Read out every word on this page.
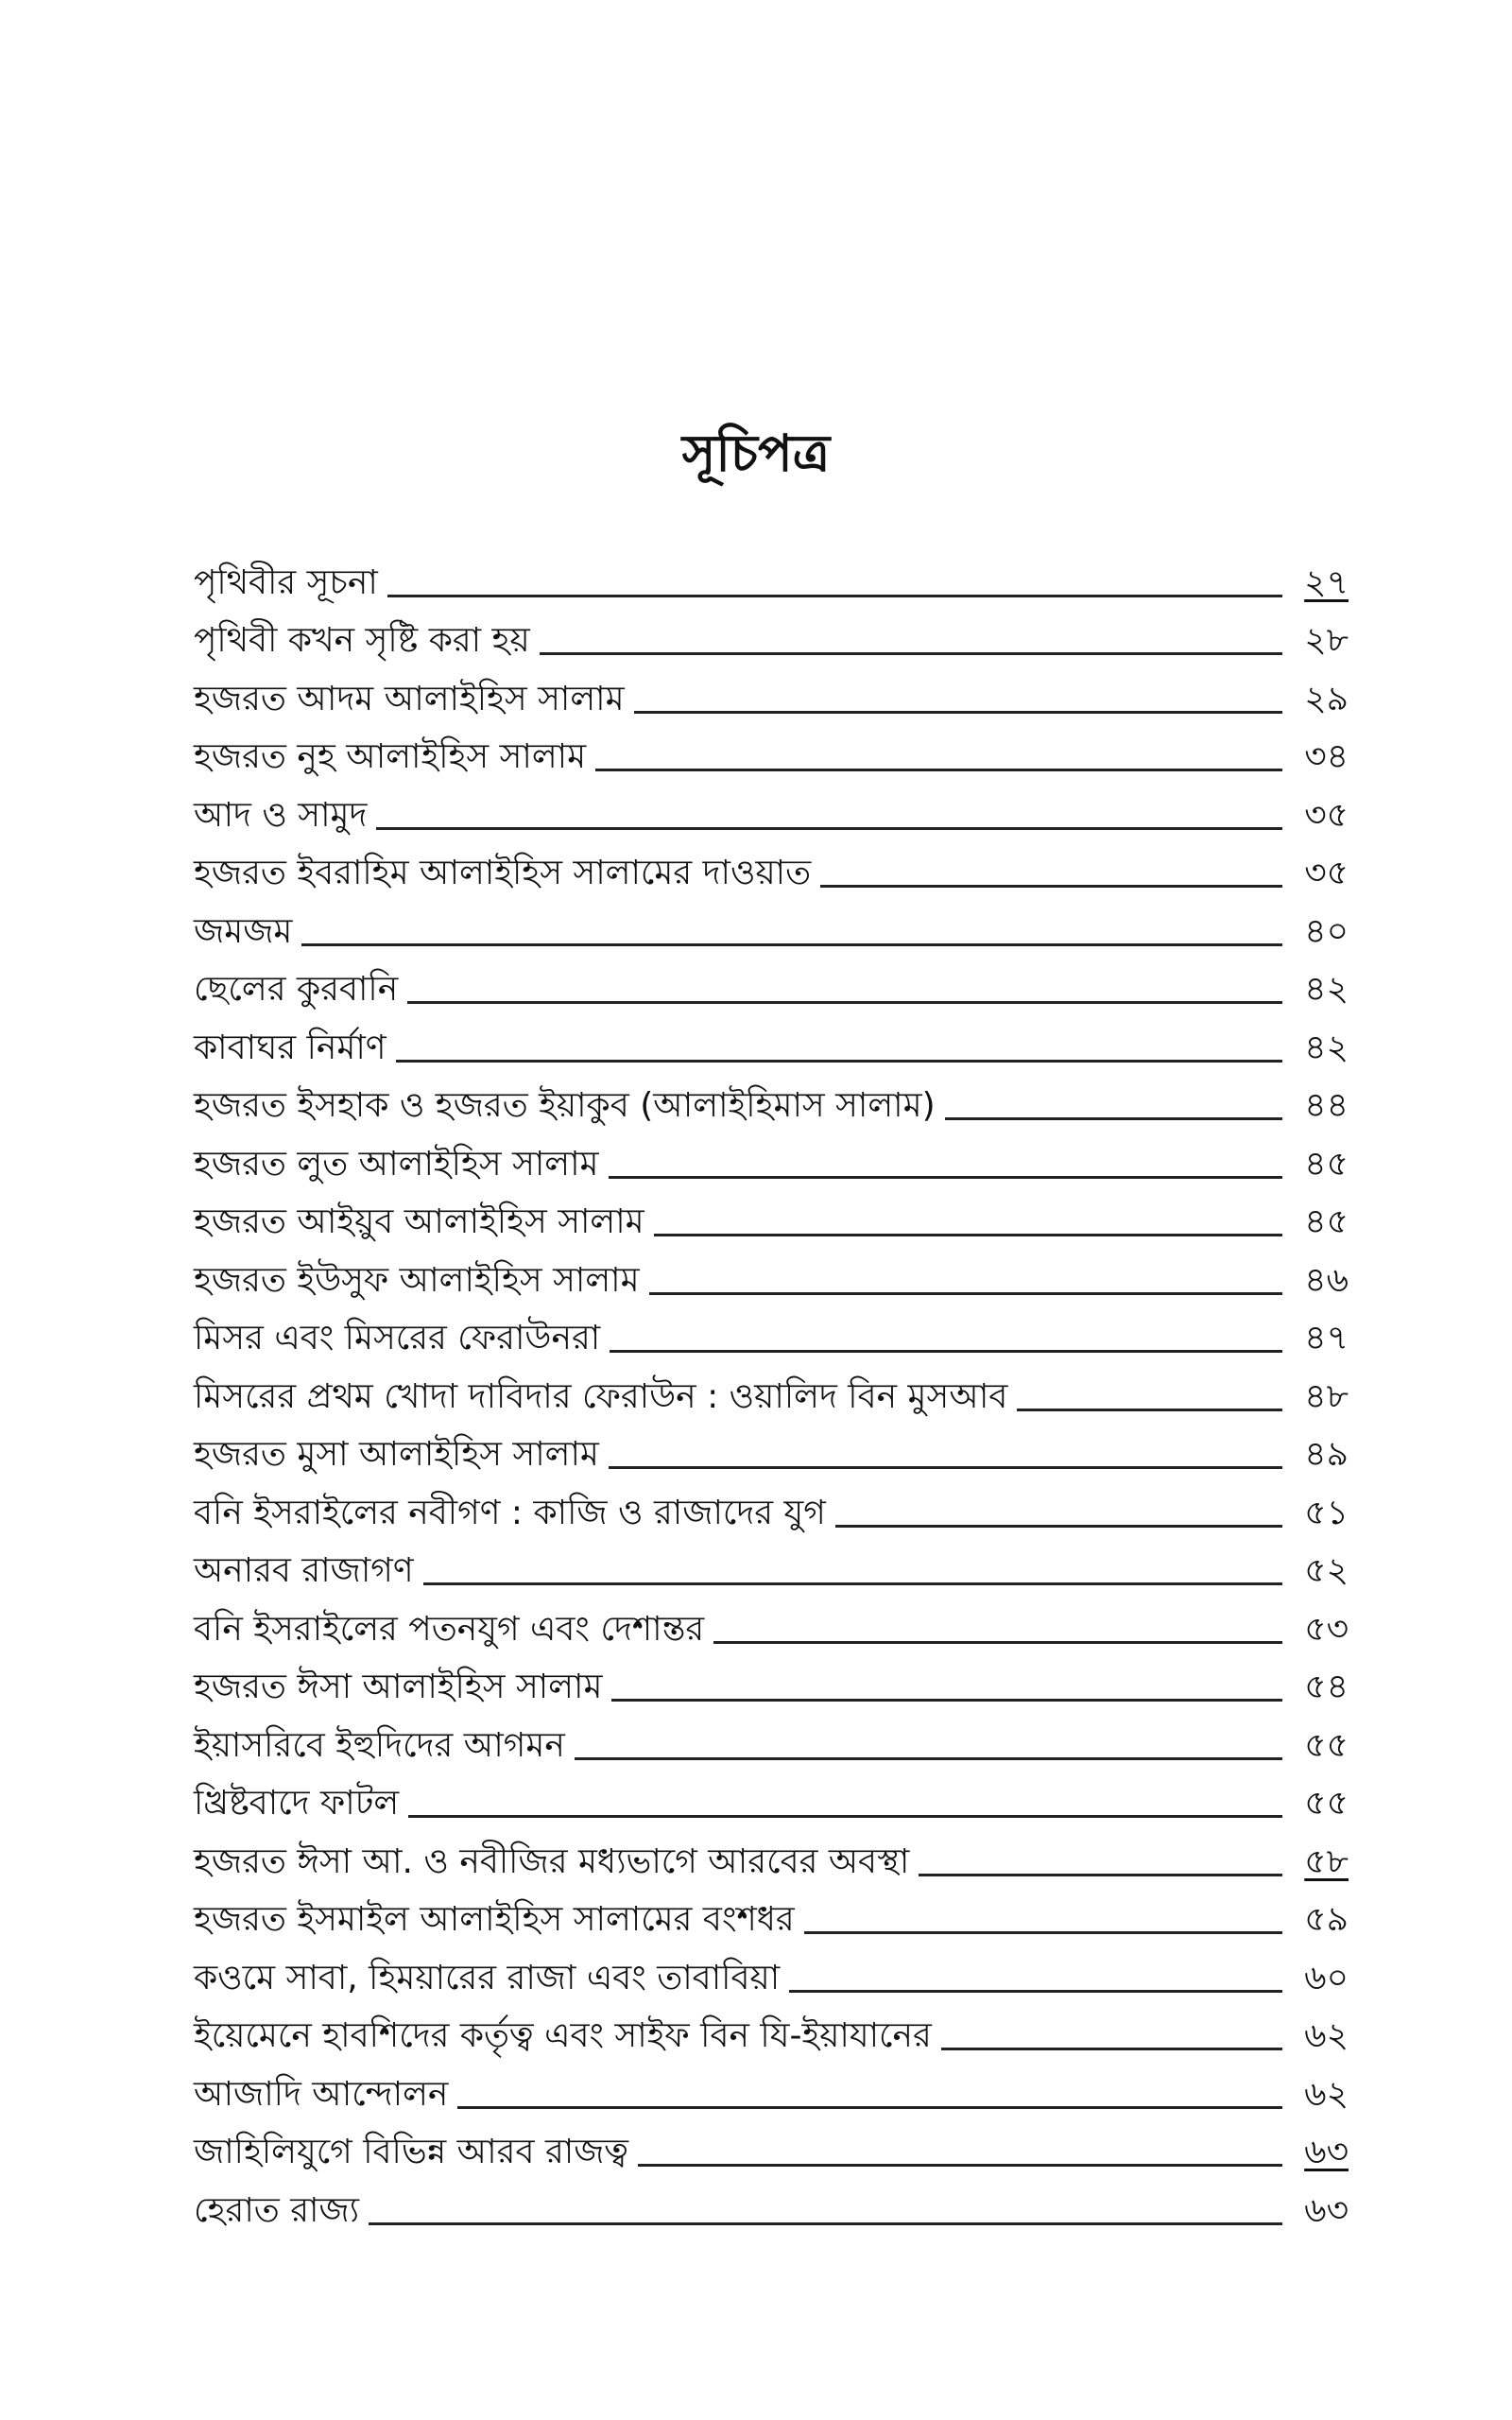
সূচিপত্র
পৃথিবীর সূচনা	২৭
পৃথিবী কখন সৃষ্টি করা হয়	২৮
হজরত আদম আলাইহিস সালাম	২৯
হজরত নুহ আলাইহিস সালাম	৩৪
আদ ও সামুদ	৩৫
হজরত ইবরাহিম আলাইহিস সালামের দাওয়াত	৩৫
জমজম	৪০
ছেলের কুরবানি	৪২
কাবাঘর নির্মাণ	৪২
হজরত ইসহাক ও হজরত ইয়াকুব (আলাইহিমাস সালাম)	৪৪
হজরত লুত আলাইহিস সালাম	৪৫
হজরত আইয়ুব আলাইহিস সালাম	৪৫
হজরত ইউসুফ আলাইহিস সালাম	৪৬
মিসর এবং মিসরের ফেরাউনরা	৪৭
মিসরের প্রথম খোদা দাবিদার ফেরাউন : ওয়ালিদ বিন মুসআব	৪৮
হজরত মুসা আলাইহিস সালাম	৪৯
বনি ইসরাইলের নবীগণ : কাজি ও রাজাদের যুগ	৫১
অনারব রাজাগণ	৫২
বনি ইসরাইলের পতনযুগ এবং দেশান্তর	৫৩
হজরত ঈসা আলাইহিস সালাম	৫৪
ইয়াসরিবে ইহুদিদের আগমন	৫৫
খ্রিষ্টবাদে ফাটল	৫৫
হজরত ঈসা আ. ও নবীজির মধ্যভাগে আরবের অবস্থা	৫৮
হজরত ইসমাইল আলাইহিস সালামের বংশধর	৫৯
কওমে সাবা, হিময়ারের রাজা এবং তাবাবিয়া	৬০
ইয়েমেনে হাবশিদের কর্তৃত্ব এবং সাইফ বিন যি-ইয়াযানের	৬২
আজাদি আন্দোলন	৬২
জাহিলিযুগে বিভিন্ন আরব রাজত্ব	৬৩
হেরাত রাজ্য	৬৩
